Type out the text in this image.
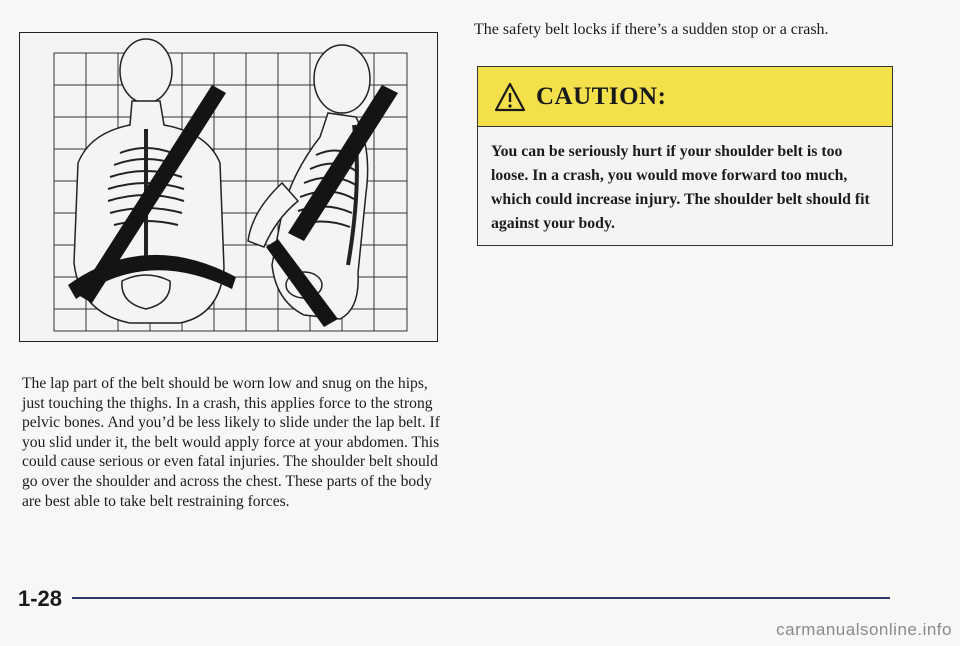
The lap part of the belt should be worn low and snug on the hips, just touching the thighs. In a crash, this applies force to the strong pelvic bones. And you’d be less likely to slide under the lap belt. If you slid under it, the belt would apply force at your abdomen. This could cause serious or even fatal injuries. The shoulder belt should go over the shoulder and across the chest. These parts of the body are best able to take belt restraining forces.

The safety belt locks if there’s a sudden stop or a crash.

CAUTION:

You can be seriously hurt if your shoulder belt is too loose. In a crash, you would move forward too much, which could increase injury. The shoulder belt should fit against your body.

1-28
carmanualsonline.info
